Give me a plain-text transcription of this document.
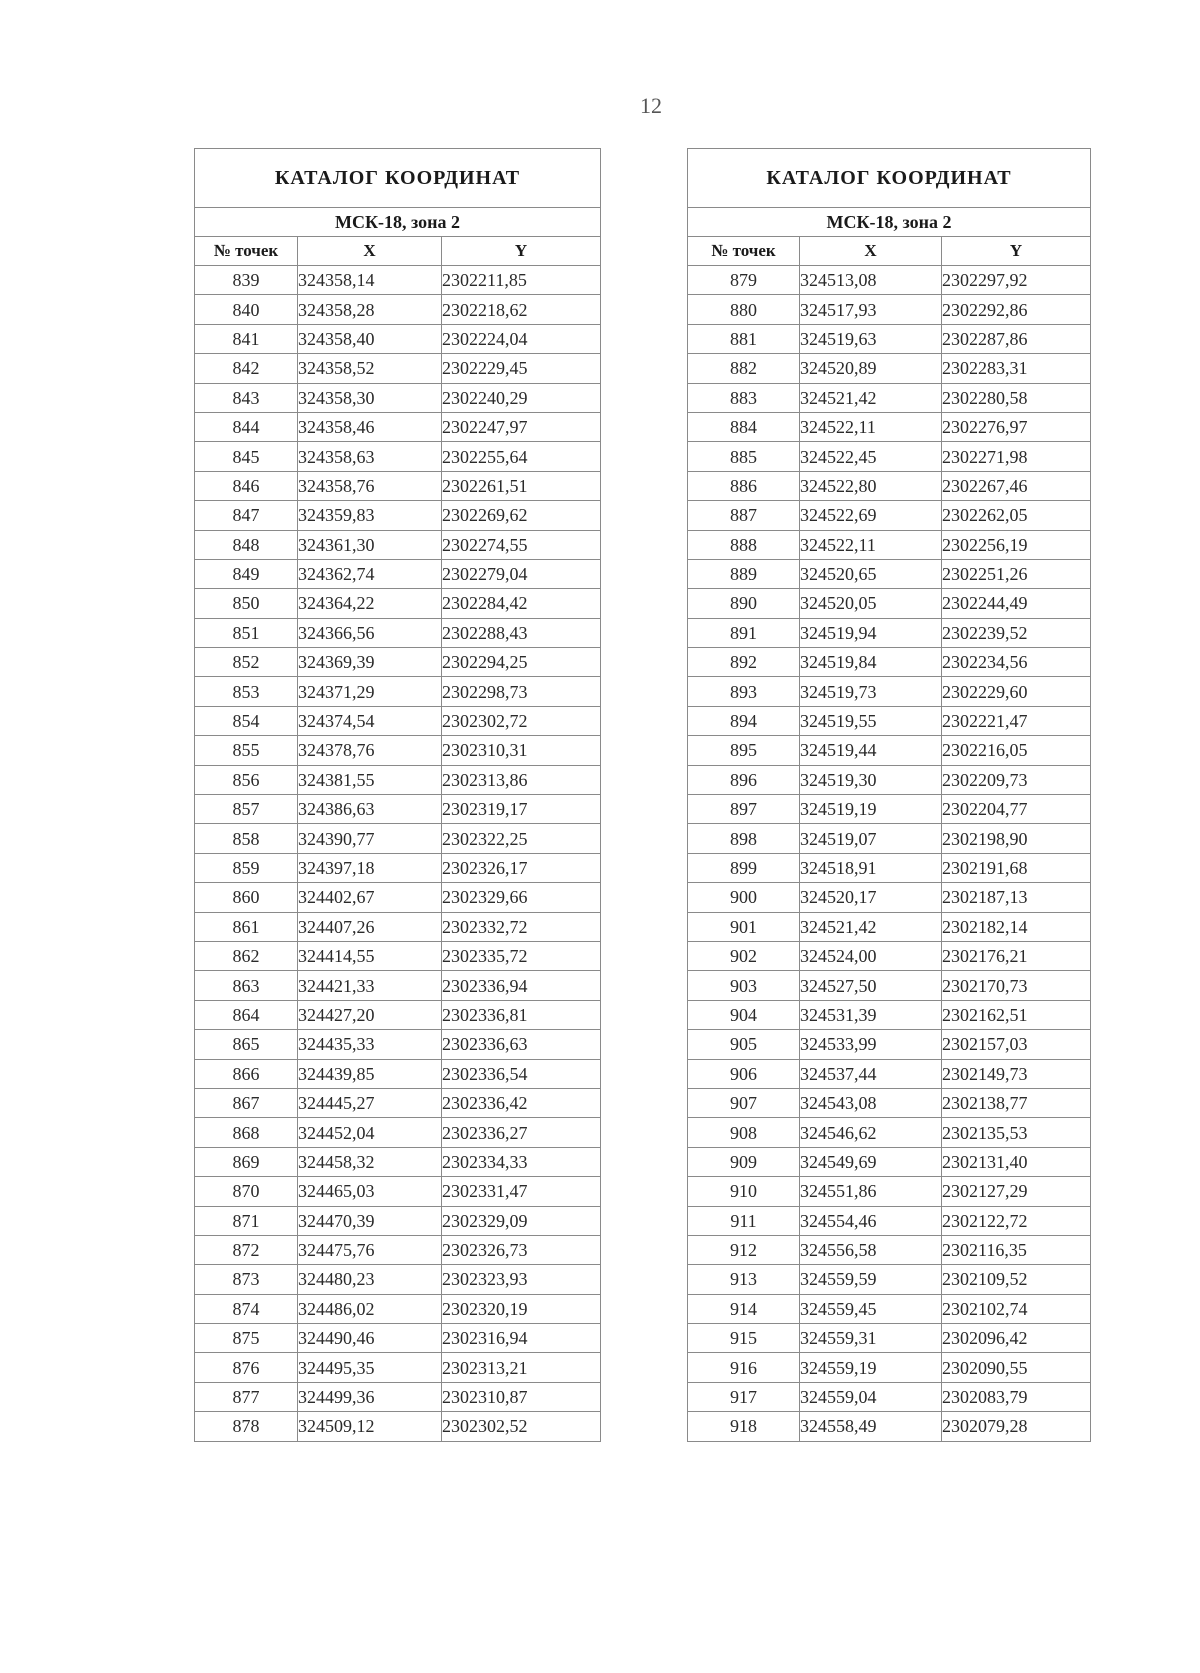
12
КАТАЛОГ КООРДИНАТ		
МСК-18, зона 2		
№ точек	X	Y
839	324358,14	2302211,85
840	324358,28	2302218,62
841	324358,40	2302224,04
842	324358,52	2302229,45
843	324358,30	2302240,29
844	324358,46	2302247,97
845	324358,63	2302255,64
846	324358,76	2302261,51
847	324359,83	2302269,62
848	324361,30	2302274,55
849	324362,74	2302279,04
850	324364,22	2302284,42
851	324366,56	2302288,43
852	324369,39	2302294,25
853	324371,29	2302298,73
854	324374,54	2302302,72
855	324378,76	2302310,31
856	324381,55	2302313,86
857	324386,63	2302319,17
858	324390,77	2302322,25
859	324397,18	2302326,17
860	324402,67	2302329,66
861	324407,26	2302332,72
862	324414,55	2302335,72
863	324421,33	2302336,94
864	324427,20	2302336,81
865	324435,33	2302336,63
866	324439,85	2302336,54
867	324445,27	2302336,42
868	324452,04	2302336,27
869	324458,32	2302334,33
870	324465,03	2302331,47
871	324470,39	2302329,09
872	324475,76	2302326,73
873	324480,23	2302323,93
874	324486,02	2302320,19
875	324490,46	2302316,94
876	324495,35	2302313,21
877	324499,36	2302310,87
878	324509,12	2302302,52
КАТАЛОГ КООРДИНАТ		
МСК-18, зона 2		
№ точек	X	Y
879	324513,08	2302297,92
880	324517,93	2302292,86
881	324519,63	2302287,86
882	324520,89	2302283,31
883	324521,42	2302280,58
884	324522,11	2302276,97
885	324522,45	2302271,98
886	324522,80	2302267,46
887	324522,69	2302262,05
888	324522,11	2302256,19
889	324520,65	2302251,26
890	324520,05	2302244,49
891	324519,94	2302239,52
892	324519,84	2302234,56
893	324519,73	2302229,60
894	324519,55	2302221,47
895	324519,44	2302216,05
896	324519,30	2302209,73
897	324519,19	2302204,77
898	324519,07	2302198,90
899	324518,91	2302191,68
900	324520,17	2302187,13
901	324521,42	2302182,14
902	324524,00	2302176,21
903	324527,50	2302170,73
904	324531,39	2302162,51
905	324533,99	2302157,03
906	324537,44	2302149,73
907	324543,08	2302138,77
908	324546,62	2302135,53
909	324549,69	2302131,40
910	324551,86	2302127,29
911	324554,46	2302122,72
912	324556,58	2302116,35
913	324559,59	2302109,52
914	324559,45	2302102,74
915	324559,31	2302096,42
916	324559,19	2302090,55
917	324559,04	2302083,79
918	324558,49	2302079,28
